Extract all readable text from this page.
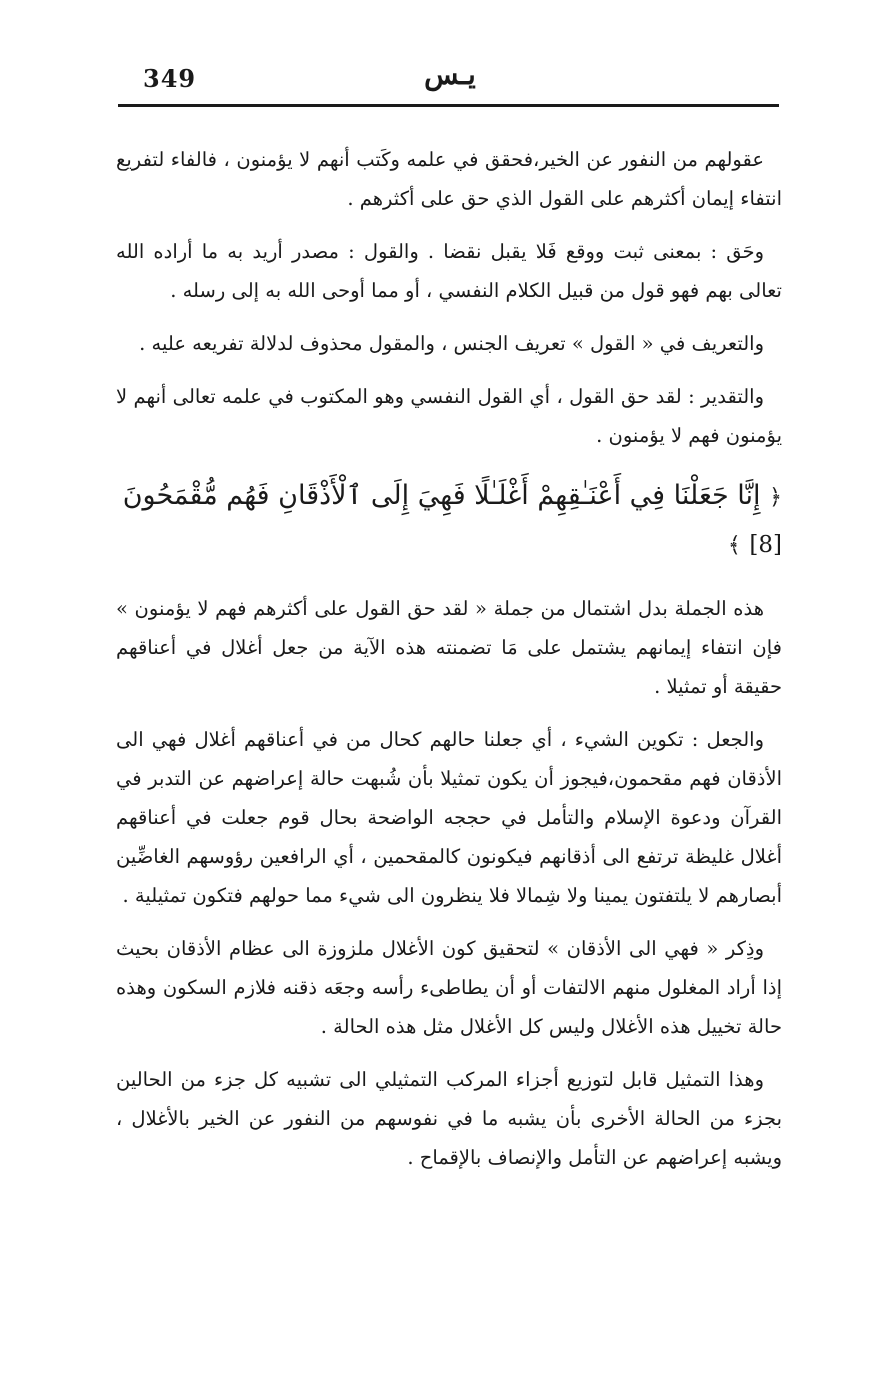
349	يـس

عقولهم من النفور عن الخير،فحقق في علمه وكَتب أنهم لا يؤمنون ، فالفاء لتفريع انتفاء إيمان أكثرهم على القول الذي حق على أكثرهم .

وحَق : بمعنى ثبت ووقع فَلا يقبل نقضا . والقول : مصدر أريد به ما أراده الله تعالى بهم فهو قول من قبيل الكلام النفسي ، أو مما أوحى الله به إلى رسله .

والتعريف في « القول » تعريف الجنس ، والمقول محذوف لدلالة تفريعه عليه .

والتقدير : لقد حق القول ، أي القول النفسي وهو المكتوب في علمه تعالى أنهم لا يؤمنون فهم لا يؤمنون .

﴿ إِنَّا جَعَلْنَا فِي أَعْنَـٰقِهِمْ أَغْلَـٰلًا فَهِيَ إِلَى ٱلْأَذْقَانِ فَهُم مُّقْمَحُونَ [8] ﴾

هذه الجملة بدل اشتمال من جملة « لقد حق القول على أكثرهم فهم لا يؤمنون » فإن انتفاء إيمانهم يشتمل على مَا تضمنته هذه الآية من جعل أغلال في أعناقهم حقيقة أو تمثيلا .

والجعل : تكوين الشيء ، أي جعلنا حالهم كحال من في أعناقهم أغلال فهي الى الأذقان فهم مقحمون،فيجوز أن يكون تمثيلا بأن شُبهت حالة إعراضهم عن التدبر في القرآن ودعوة الإسلام والتأمل في حججه الواضحة بحال قوم جعلت في أعناقهم أغلال غليظة ترتفع الى أذقانهم فيكونون كالمقحمين ، أي الرافعين رؤوسهم الغاضِّين أبصارهم لا يلتفتون يمينا ولا شِمالا فلا ينظرون الى شيء مما حولهم فتكون تمثيلية .

وذِكر « فهي الى الأذقان » لتحقيق كون الأغلال ملزوزة الى عظام الأذقان بحيث إذا أراد المغلول منهم الالتفات أو أن يطاطىء رأسه وجعَه ذقنه فلازم السكون وهذه حالة تخييل هذه الأغلال وليس كل الأغلال مثل هذه الحالة .

وهذا التمثيل قابل لتوزيع أجزاء المركب التمثيلي الى تشبيه كل جزء من الحالين بجزء من الحالة الأخرى بأن يشبه ما في نفوسهم من النفور عن الخير بالأغلال ، ويشبه إعراضهم عن التأمل والإنصاف بالإقماح .
